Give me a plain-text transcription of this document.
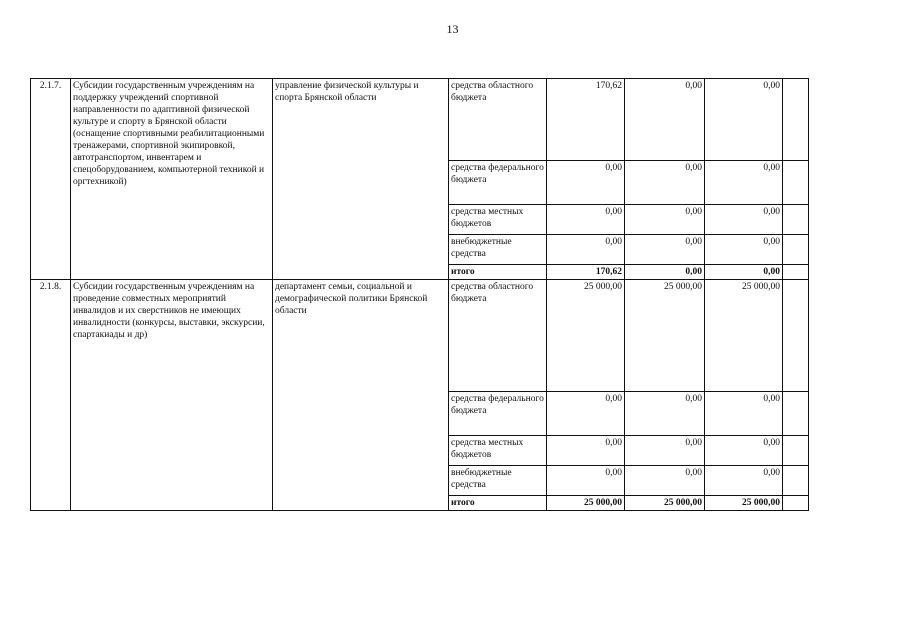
13
2.1.7.	Субсидии государственным учреждениям на поддержку учреждений спортивной направленности по адаптивной физической культуре и спорту в Брянской области (оснащение спортивными реабилитационными тренажерами, спортивной экипировкой, автотранспортом, инвентарем и спецоборудованием, компьютерной техникой и оргтехникой)	управление физической культуры и спорта Брянской области	средства областного бюджета	170,62	0,00	0,00	
			средства федерального бюджета	0,00	0,00	0,00	
			средства местных бюджетов	0,00	0,00	0,00	
			внебюджетные средства	0,00	0,00	0,00	
			итого	170,62	0,00	0,00	
2.1.8.	Субсидии государственным учреждениям на проведение совместных мероприятий инвалидов и их сверстников не имеющих инвалидности (конкурсы, выставки, экскурсии, спартакиады и др)	департамент семьи, социальной и демографической политики Брянской области	средства областного бюджета	25 000,00	25 000,00	25 000,00	
			средства федерального бюджета	0,00	0,00	0,00	
			средства местных бюджетов	0,00	0,00	0,00	
			внебюджетные средства	0,00	0,00	0,00	
			итого	25 000,00	25 000,00	25 000,00	
